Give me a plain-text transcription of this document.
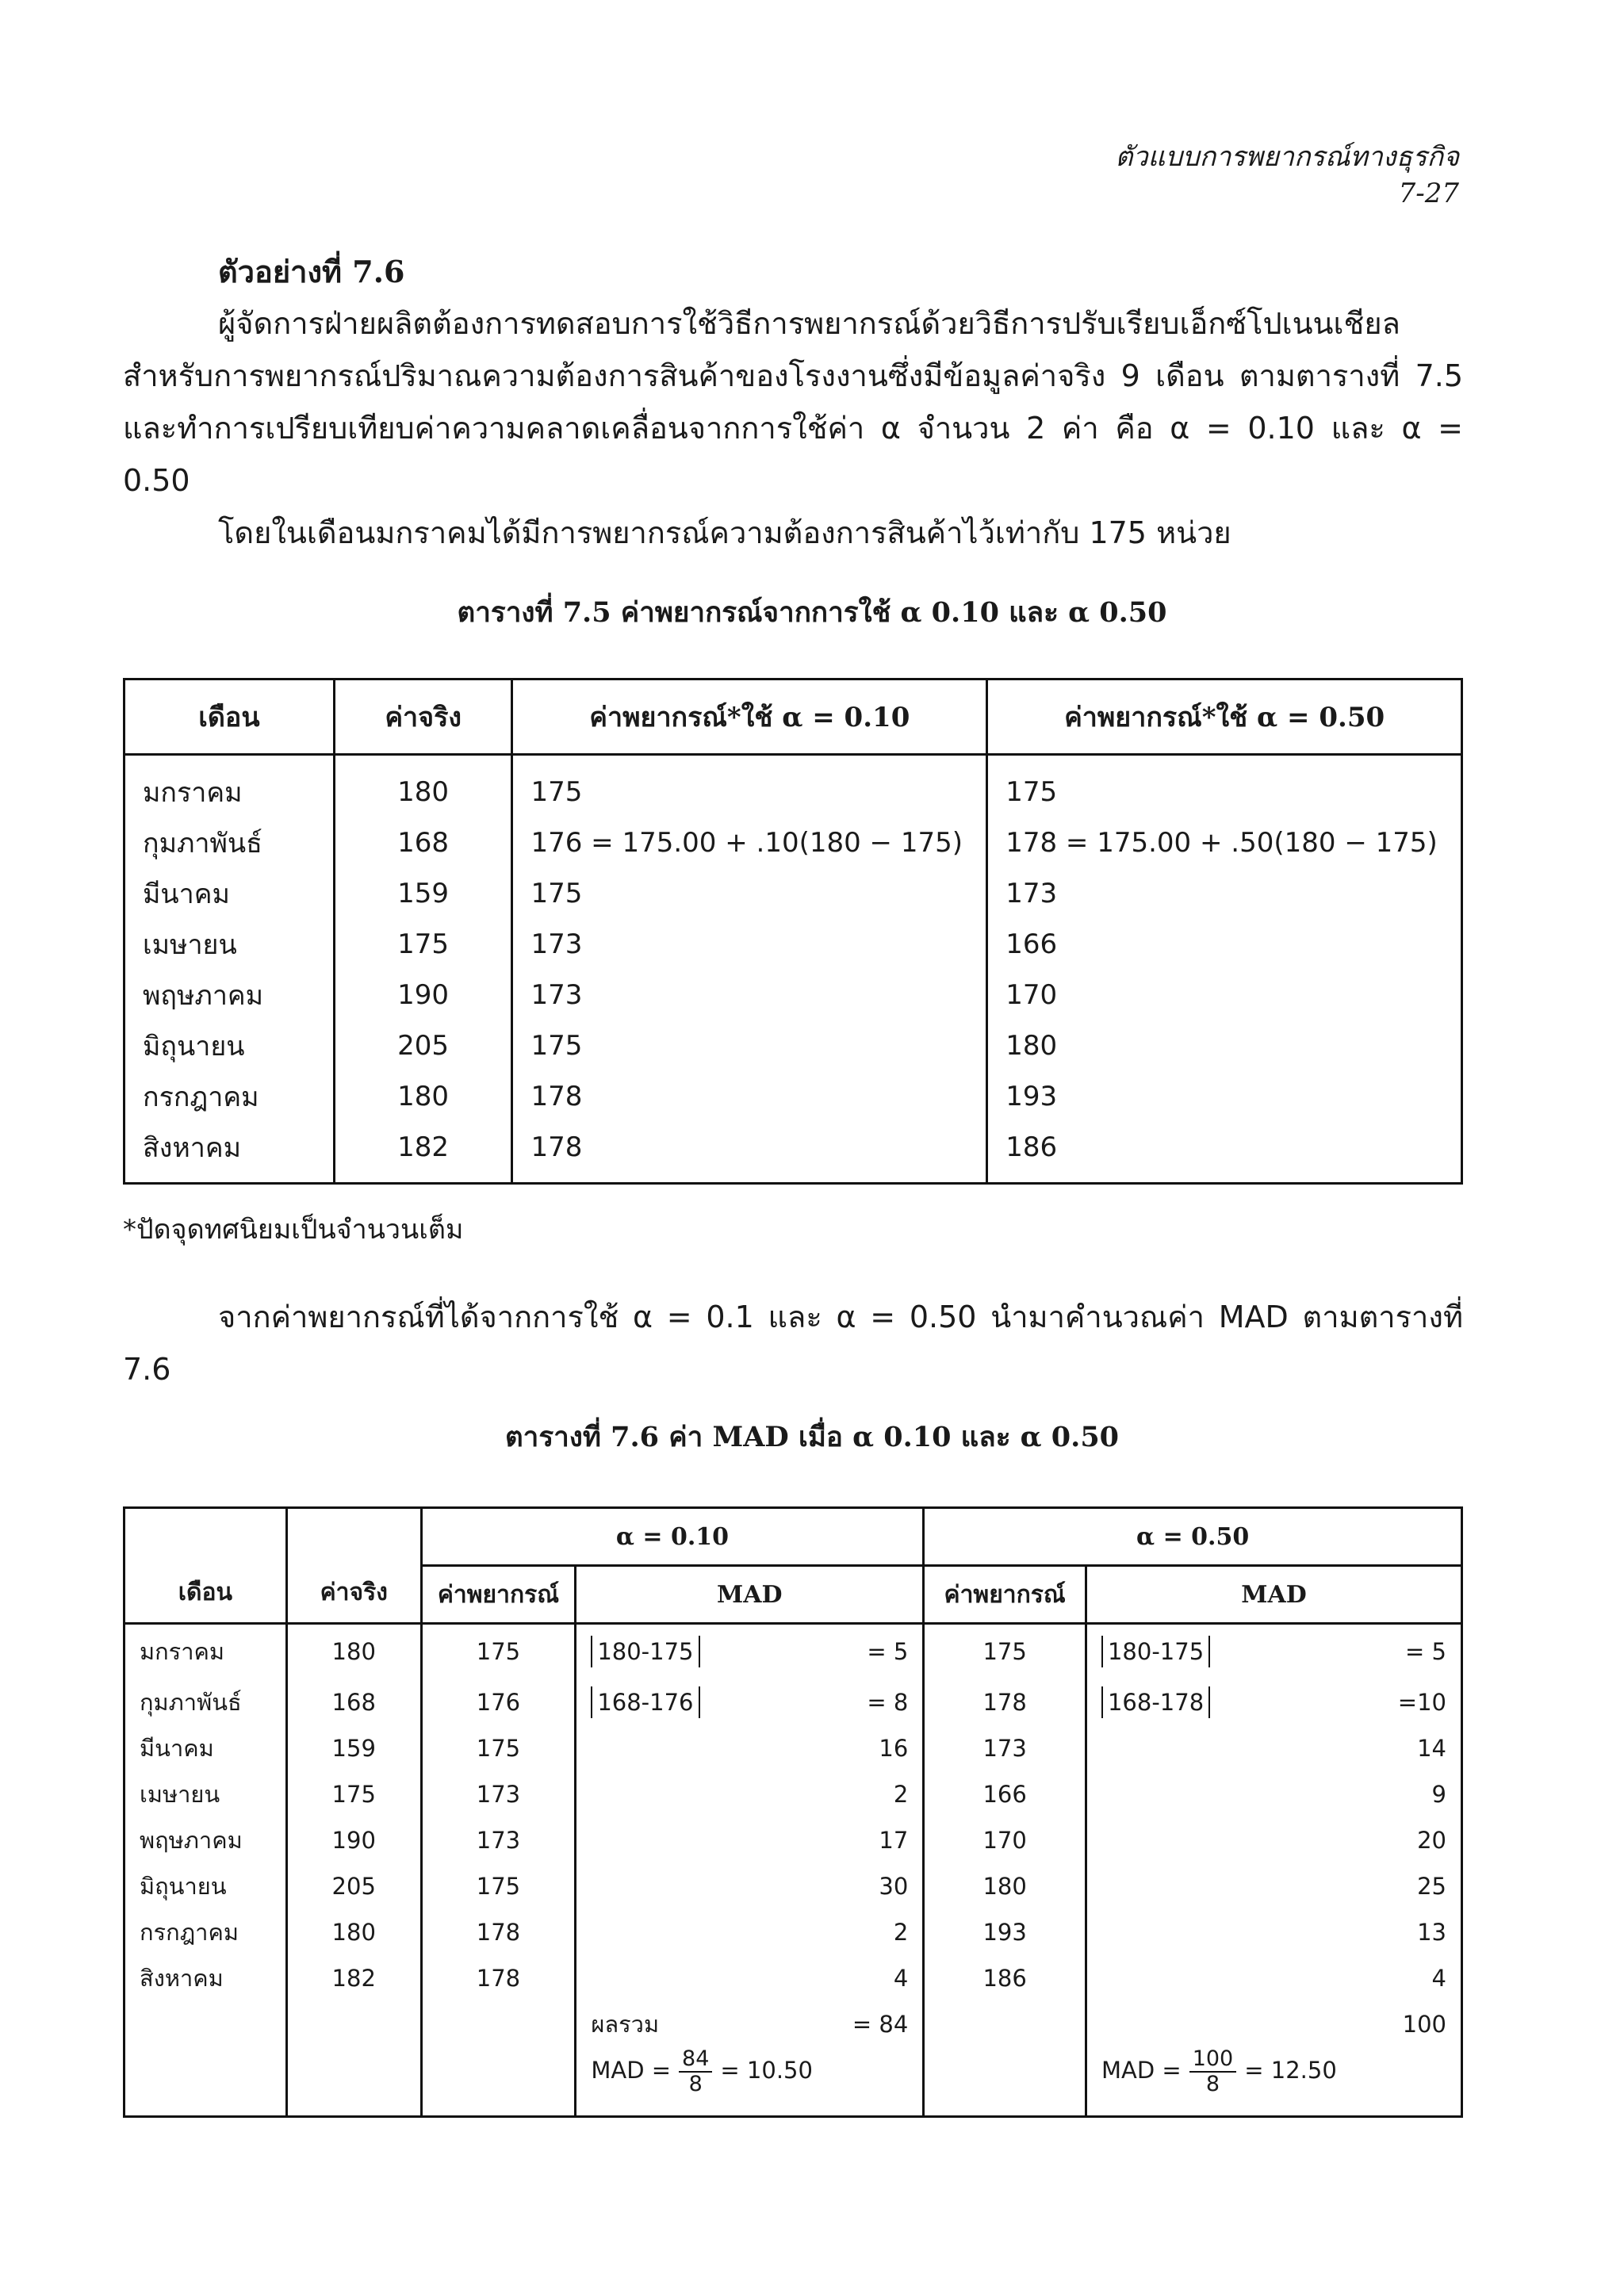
ตัวแบบการพยากรณ์ทางธุรกิจ 7-27
ตัวอย่างที่ 7.6

ผู้จัดการฝ่ายผลิตต้องการทดสอบการใช้วิธีการพยากรณ์ด้วยวิธีการปรับเรียบเอ็กซ์โปเนนเชียล

สำหรับการพยากรณ์ปริมาณความต้องการสินค้าของโรงงานซึ่งมีข้อมูลค่าจริง 9 เดือน ตามตารางที่ 7.5

และทำการเปรียบเทียบค่าความคลาดเคลื่อนจากการใช้ค่า α จำนวน 2 ค่า คือ α = 0.10 และ α = 0.50

โดยในเดือนมกราคมได้มีการพยากรณ์ความต้องการสินค้าไว้เท่ากับ 175 หน่วย

ตารางที่ 7.5 ค่าพยากรณ์จากการใช้ α 0.10 และ α 0.50
เดือน	ค่าจริง	ค่าพยากรณ์*ใช้ α = 0.10	ค่าพยากรณ์*ใช้ α = 0.50
มกราคม	180	175	175
กุมภาพันธ์	168	176 = 175.00 + .10(180 − 175)	178 = 175.00 + .50(180 − 175)
มีนาคม	159	175	173
เมษายน	175	173	166
พฤษภาคม	190	173	170
มิถุนายน	205	175	180
กรกฎาคม	180	178	193
สิงหาคม	182	178	186
*ปัดจุดทศนิยมเป็นจำนวนเต็ม

จากค่าพยากรณ์ที่ได้จากการใช้ α = 0.1 และ α = 0.50 นำมาคำนวณค่า MAD ตามตารางที่ 7.6

ตารางที่ 7.6 ค่า MAD เมื่อ α 0.10 และ α 0.50
เดือน	ค่าจริง	α = 0.10		α = 0.50	
		ค่าพยากรณ์	MAD	ค่าพยากรณ์	MAD
มกราคม	180	175	180-175 = 5	175	180-175 = 5

กุมภาพันธ์	168	176	168-176 = 8	178	168-178 =10

มีนาคม	159	175	16	173	14
เมษายน	175	173	2	166	9
พฤษภาคม	190	173	17	170	20
มิถุนายน	205	175	30	180	25
กรกฎาคม	180	178	2	193	13
สิงหาคม	182	178	4	186	4

			ผลรวม = 84		100
			MAD = $\frac{84}{8} = 10.50$		MAD = $\frac{100}{8} = 12.50$
